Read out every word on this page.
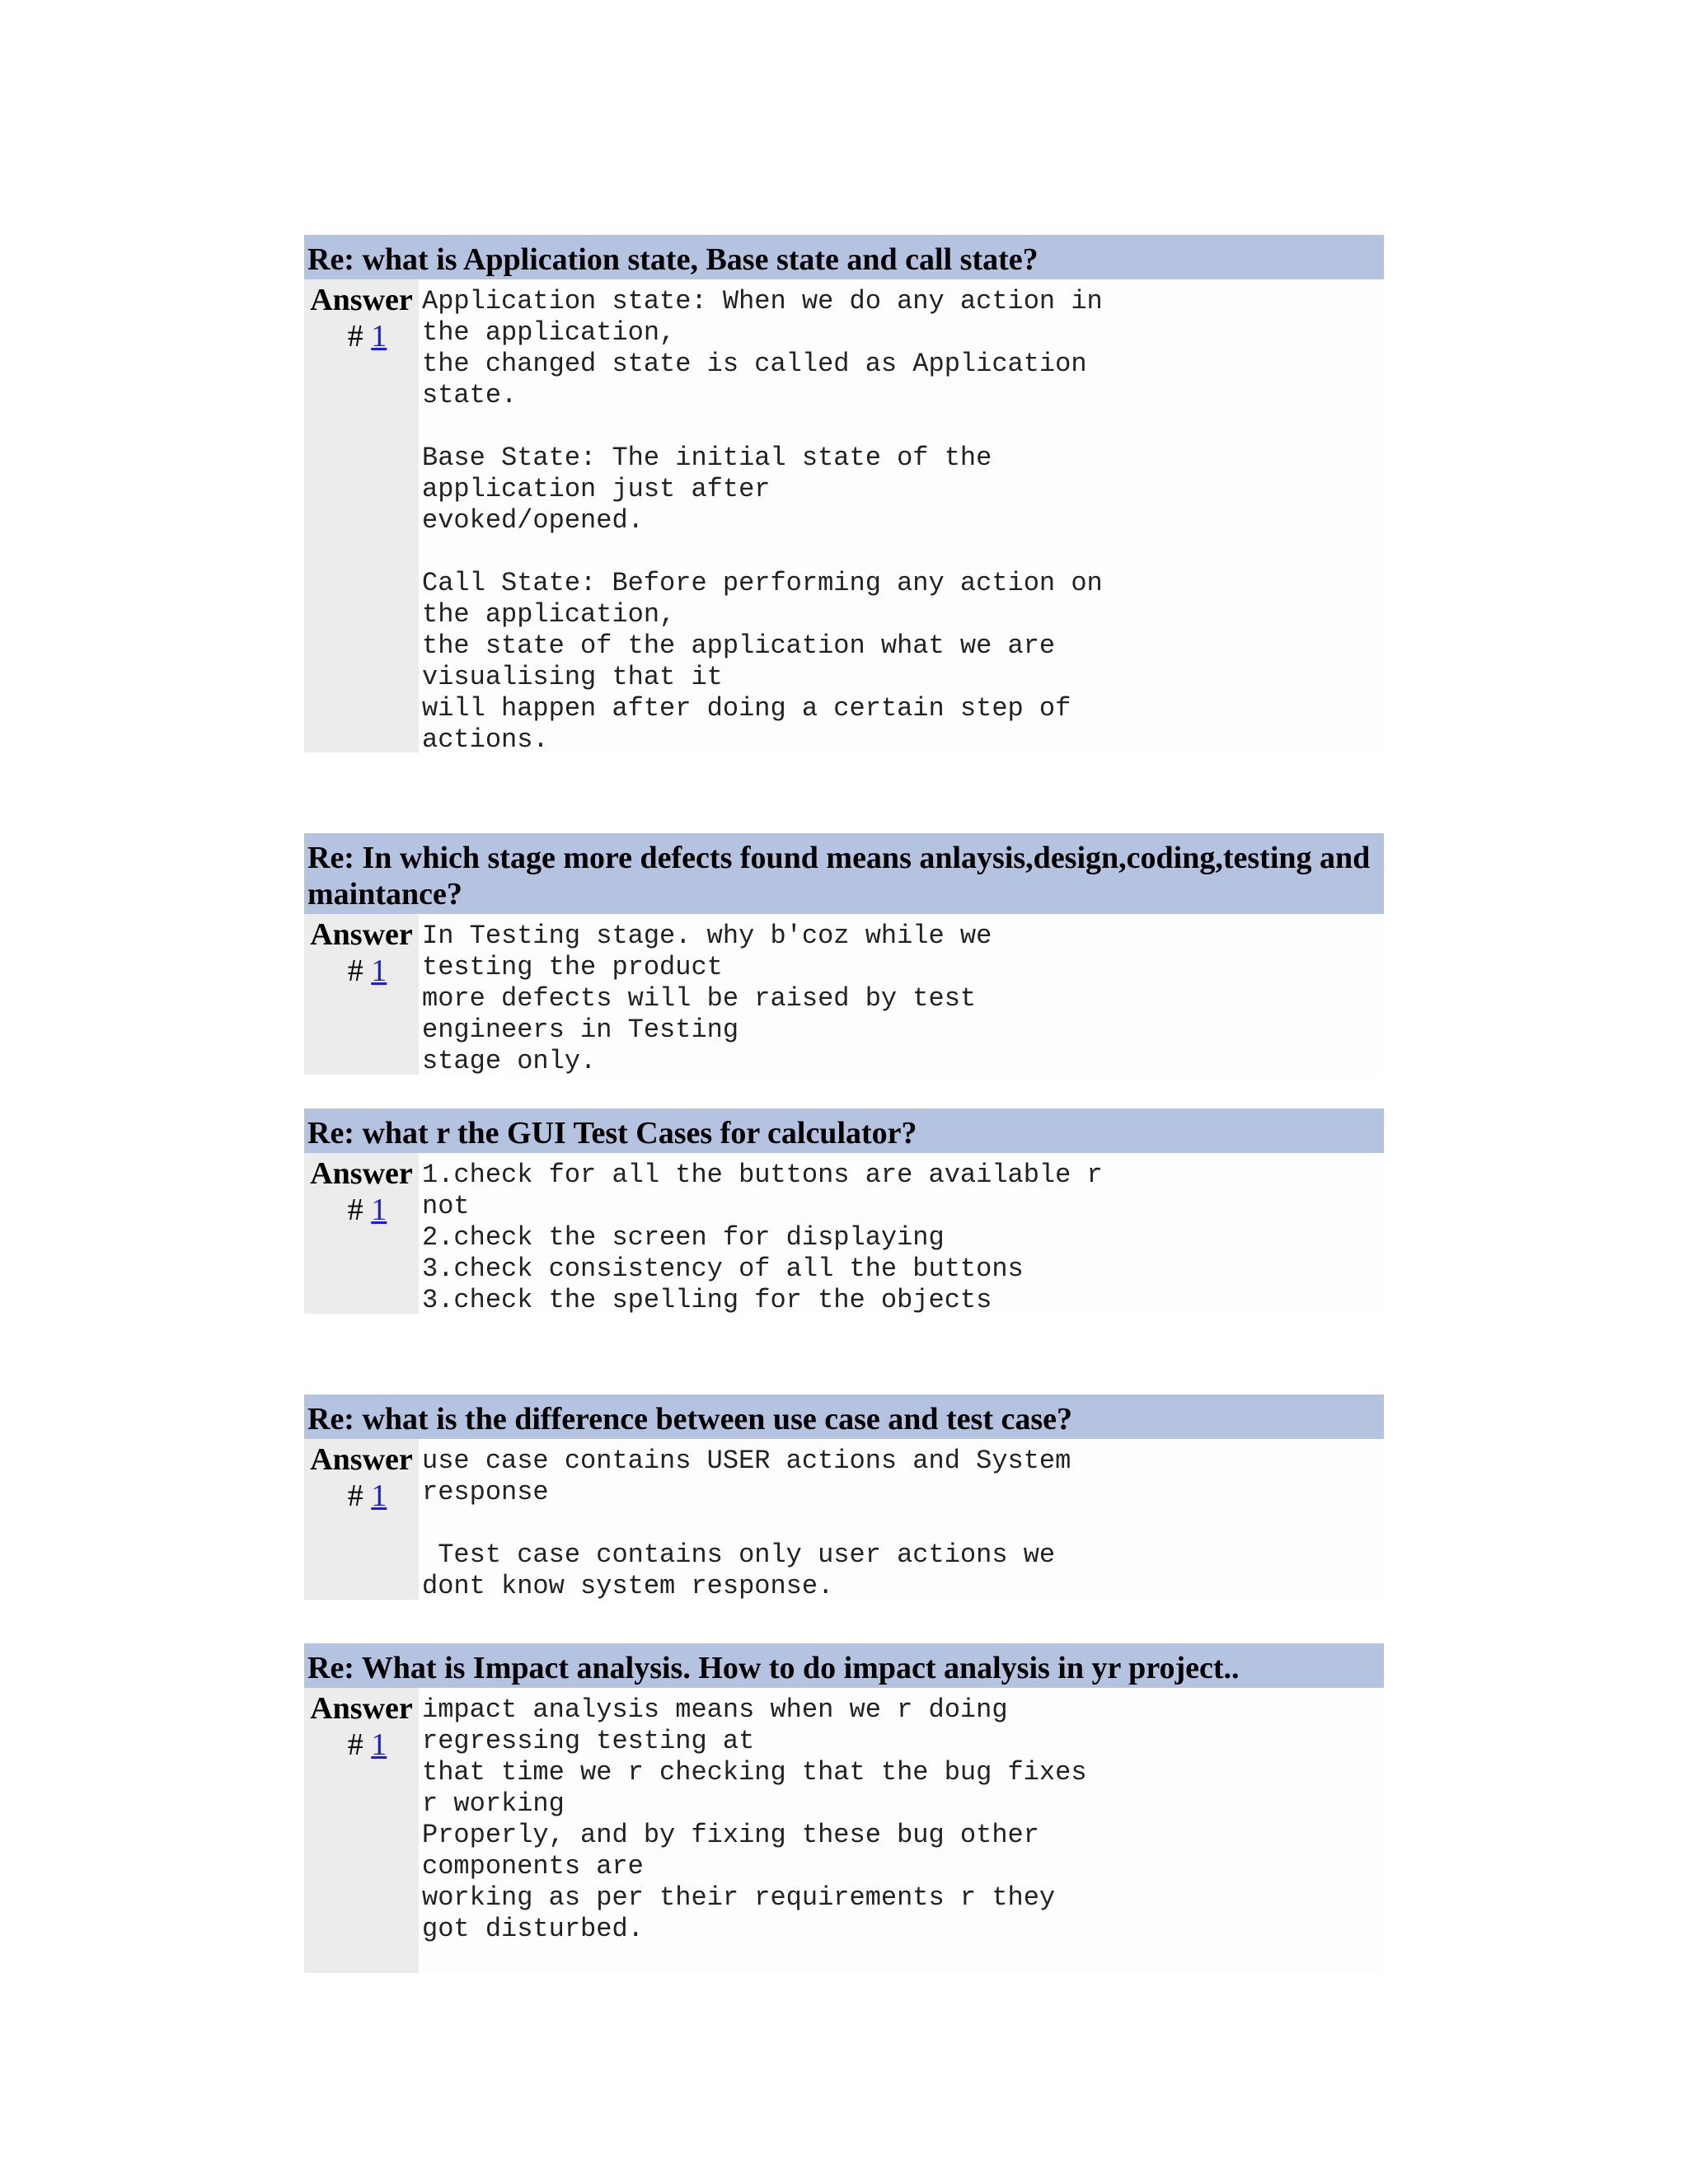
Re: what is Application state, Base state and call state?
Answer
# 1
Application state: When we do any action in
the application,
the changed state is called as Application
state.

Base State: The initial state of the
application just after
evoked/opened.

Call State: Before performing any action on
the application,
the state of the application what we are
visualising that it
will happen after doing a certain step of
actions.
Re: In which stage more defects found means anlaysis,design,coding,testing and maintance?
Answer
# 1
In Testing stage. why b'coz while we
testing the product
more defects will be raised by test
engineers in Testing
stage only.
Re: what r the GUI Test Cases for calculator?
Answer
# 1
1.check for all the buttons are available r
not
2.check the screen for displaying
3.check consistency of all the buttons
3.check the spelling for the objects
Re: what is the difference between use case and test case?
Answer
# 1
use case contains USER actions and System
response

Test case contains only user actions we
dont know system response.
Re: What is Impact analysis. How to do impact analysis in yr project..
Answer
# 1
impact analysis means when we r doing
regressing testing at
that time we r checking that the bug fixes
r working
Properly, and by fixing these bug other
components are
working as per their requirements r they
got disturbed.
